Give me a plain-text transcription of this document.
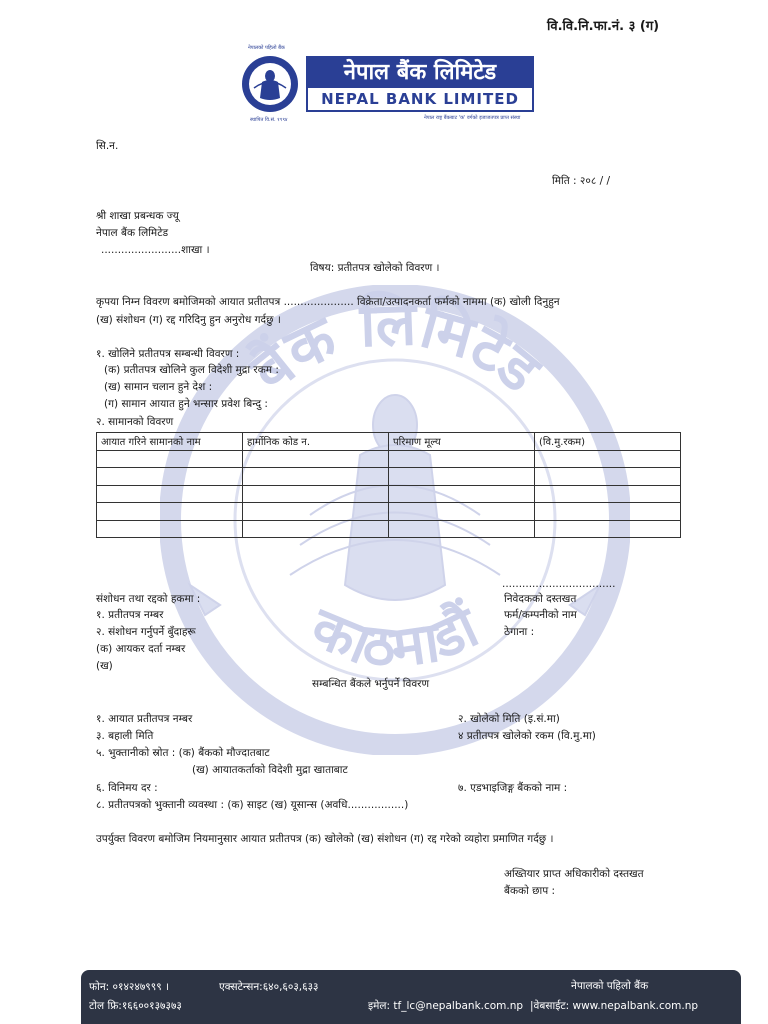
बैंक लिमिटेड
काठमाडौं
वि.वि.नि.फा.नं. ३ (ग)
नेपालको पहिलो बैंक
स्थापित वि.सं. १९९४
नेपाल बैंक लिमिटेड
NEPAL BANK LIMITED
नेपाल राष्ट्र बैंकबाट 'क' वर्गको इजाजतपत्र प्राप्त संस्था
सि.न.
मिति : २०८ / /
श्री शाखा प्रबन्धक ज्यू
नेपाल बैंक लिमिटेड
........................शाखा ।
विषय: प्रतीतपत्र खोलेको विवरण ।
कृपया निम्न विवरण बमोजिमको आयात प्रतीतपत्र ..................... विक्रेता/उत्पादनकर्ता फर्मको नाममा (क) खोली दिनुहुन
(ख) संशोधन (ग) रद्द गरिदिनु हुन अनुरोध गर्दछु ।
१. खोलिने प्रतीतपत्र सम्बन्धी विवरण :
(क) प्रतीतपत्र खोलिने कुल विदेशी मुद्रा रकम :
(ख) सामान चलान हुने देश :
(ग) सामान आयात हुने भन्सार प्रवेश बिन्दु :
२. सामानको विवरण
आयात गरिने सामानको नाम	हार्मोनिक कोड न.	परिमाण मूल्य	(वि.मु.रकम)

संशोधन तथा रद्दको हकमा :
१. प्रतीतपत्र नम्बर
२. संशोधन गर्नुपर्ने बुँदाहरू
(क) आयकर दर्ता नम्बर
(ख)
..................................
निवेदकको दस्तखत
फर्म/कम्पनीको नाम
ठेगाना :
सम्बन्धित बैंकले भर्नुपर्ने विवरण
१. आयात प्रतीतपत्र नम्बर	२. खोलेको मिति (इ.सं.मा)
३. बहाली मिति	४ प्रतीतपत्र खोलेको रकम (वि.मु.मा)
५. भुक्तानीको स्रोत : (क) बैंकको मौज्दातबाट
(ख) आयातकर्ताको विदेशी मुद्रा खाताबाट
६. विनिमय दर :	७. एडभाइजिङ्ग बैंकको नाम :
८. प्रतीतपत्रको भुक्तानी व्यवस्था : (क) साइट (ख) यूसान्स (अवधि.................)
उपर्युक्त विवरण बमोजिम नियमानुसार आयात प्रतीतपत्र (क) खोलेको (ख) संशोधन (ग) रद्द गरेको व्यहोरा प्रमाणित गर्दछु ।
अख्तियार प्राप्त अधिकारीको दस्तखत
बैंकको छाप :
फोन: ०१४२४७९९९ ।	एक्सटेन्सन:६४०,६०३,६३३	नेपालको पहिलो बैंक
टोल फ्रि:१६६००१३७३७३	इमेल: tf_lc@nepalbank.com.np |वेबसाईट: www.nepalbank.com.np
